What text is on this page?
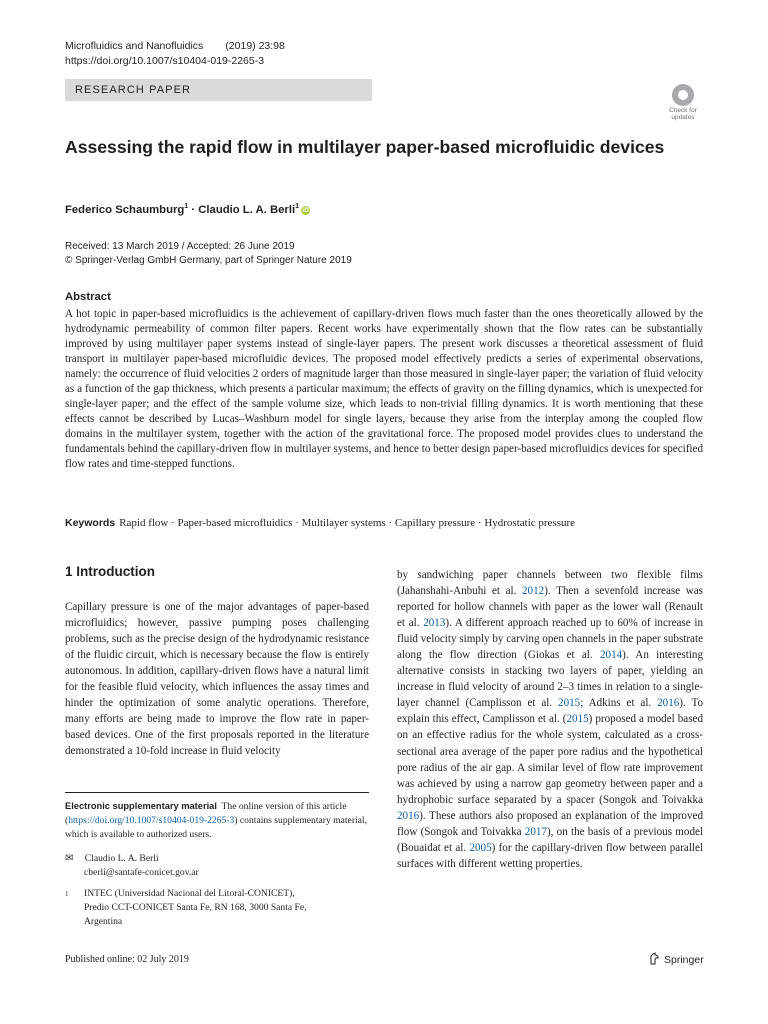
Microfluidics and Nanofluidics (2019) 23:98
https://doi.org/10.1007/s10404-019-2265-3
RESEARCH PAPER
Check for
updates
Assessing the rapid flow in multilayer paper-based microfluidic devices
Federico Schaumburg$^1$ · Claudio L. A. Berli$^1$iD
Received: 13 March 2019 / Accepted: 26 June 2019
© Springer-Verlag GmbH Germany, part of Springer Nature 2019
Abstract
A hot topic in paper-based microfluidics is the achievement of capillary-driven flows much faster than the ones theoretically allowed by the hydrodynamic permeability of common filter papers. Recent works have experimentally shown that the flow rates can be substantially improved by using multilayer paper systems instead of single-layer papers. The present work discusses a theoretical assessment of fluid transport in multilayer paper-based microfluidic devices. The proposed model effectively predicts a series of experimental observations, namely: the occurrence of fluid velocities 2 orders of magnitude larger than those measured in single-layer paper; the variation of fluid velocity as a function of the gap thickness, which presents a particular maximum; the effects of gravity on the filling dynamics, which is unexpected for single-layer paper; and the effect of the sample volume size, which leads to non-trivial filling dynamics. It is worth mentioning that these effects cannot be described by Lucas–Washburn model for single layers, because they arise from the interplay among the coupled flow domains in the multilayer system, together with the action of the gravitational force. The proposed model provides clues to understand the fundamentals behind the capillary-driven flow in multilayer systems, and hence to better design paper-based microfluidics devices for specified flow rates and time-stepped functions.
Keywords Rapid flow · Paper-based microfluidics · Multilayer systems · Capillary pressure · Hydrostatic pressure
1 Introduction
Capillary pressure is one of the major advantages of paper-based microfluidics; however, passive pumping poses challenging problems, such as the precise design of the hydrodynamic resistance of the fluidic circuit, which is necessary because the flow is entirely autonomous. In addition, capillary-driven flows have a natural limit for the feasible fluid velocity, which influences the assay times and hinder the optimization of some analytic operations. Therefore, many efforts are being made to improve the flow rate in paper-based devices. One of the first proposals reported in the literature demonstrated a 10-fold increase in fluid velocity
by sandwiching paper channels between two flexible films (Jahanshahi-Anbuhi et al. 2012). Then a sevenfold increase was reported for hollow channels with paper as the lower wall (Renault et al. 2013). A different approach reached up to 60% of increase in fluid velocity simply by carving open channels in the paper substrate along the flow direction (Giokas et al. 2014). An interesting alternative consists in stacking two layers of paper, yielding an increase in fluid velocity of around 2–3 times in relation to a single-layer channel (Camplisson et al. 2015; Adkins et al. 2016). To explain this effect, Camplisson et al. (2015) proposed a model based on an effective radius for the whole system, calculated as a cross-sectional area average of the paper pore radius and the hypothetical pore radius of the air gap. A similar level of flow rate improvement was achieved by using a narrow gap geometry between paper and a hydrophobic surface separated by a spacer (Songok and Toivakka 2016). These authors also proposed an explanation of the improved flow (Songok and Toivakka 2017), on the basis of a previous model (Bouaidat et al. 2005) for the capillary-driven flow between parallel surfaces with different wetting properties.
Electronic supplementary material The online version of this article (https://doi.org/10.1007/s10404-019-2265-3) contains supplementary material, which is available to authorized users.
✉ Claudio L. A. Berli
cberli@santafe-conicet.gov.ar
1 INTEC (Universidad Nacional del Litoral-CONICET),
Predio CCT-CONICET Santa Fe, RN 168, 3000 Santa Fe,
Argentina
Published online: 02 July 2019	Springer
